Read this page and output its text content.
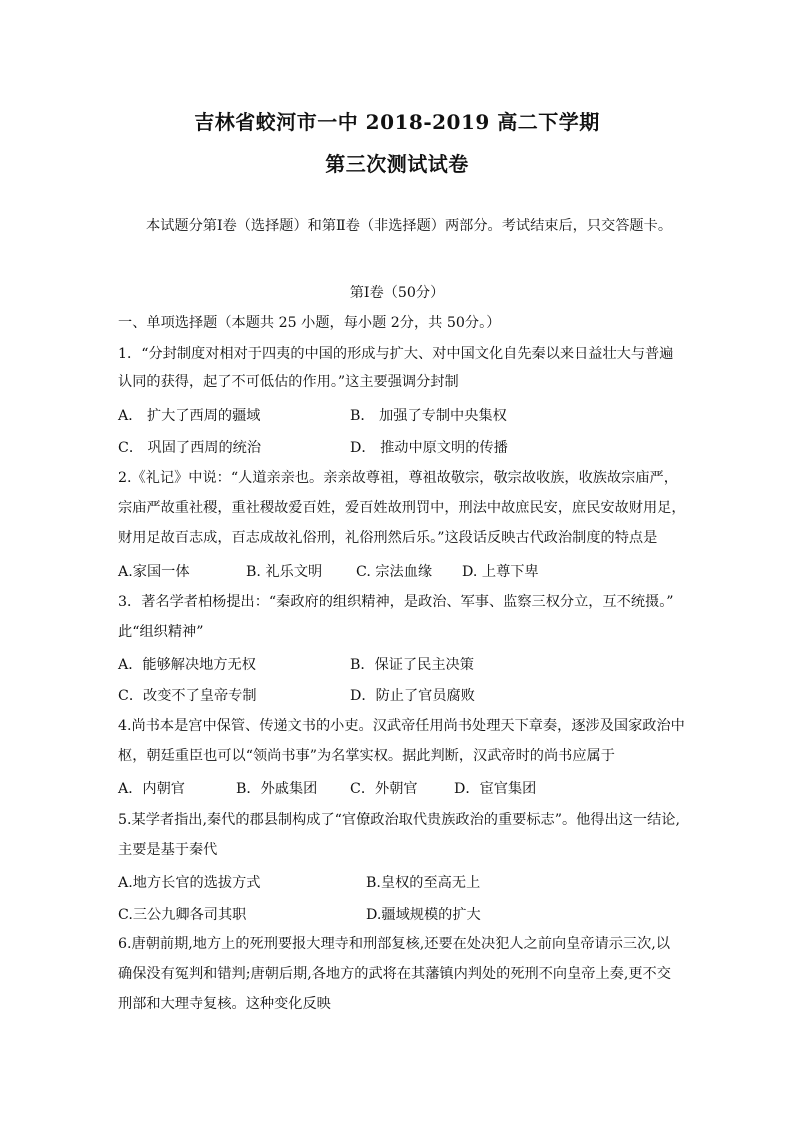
吉林省蛟河市一中 2018-2019 高二下学期
第三次测试试卷
本试题分第Ⅰ卷（选择题）和第Ⅱ卷（非选择题）两部分。考试结束后，只交答题卡。
第Ⅰ卷（50分）
一、单项选择题（本题共 25 小题，每小题 2分，共 50分。）
1．“分封制度对相对于四夷的中国的形成与扩大、对中国文化自先秦以来日益壮大与普遍
认同的获得，起了不可低估的作用。”这主要强调分封制
A． 扩大了西周的疆域	B． 加强了专制中央集权
C． 巩固了西周的统治	D． 推动中原文明的传播
2.《礼记》中说：“人道亲亲也。亲亲故尊祖，尊祖故敬宗，敬宗故收族，收族故宗庙严，
宗庙严故重社稷，重社稷故爱百姓，爱百姓故刑罚中，刑法中故庶民安，庶民安故财用足，
财用足故百志成，百志成故礼俗刑，礼俗刑然后乐。”这段话反映古代政治制度的特点是
A.家国一体	B. 礼乐文明 C. 宗法血缘 D. 上尊下卑
3．著名学者柏杨提出：“秦政府的组织精神，是政治、军事、监察三权分立，互不统摄。”
此“组织精神”
A．能够解决地方无权	B．保证了民主决策
C．改变不了皇帝专制	D．防止了官员腐败
4.尚书本是宫中保管、传递文书的小吏。汉武帝任用尚书处理天下章奏，逐涉及国家政治中
枢，朝廷重臣也可以“领尚书事”为名掌实权。据此判断，汉武帝时的尚书应属于
A．内朝官	B．外戚集团 C．外朝官	D．宦官集团
5.某学者指出,秦代的郡县制构成了“官僚政治取代贵族政治的重要标志”。他得出这一结论,
主要是基于秦代
A.地方长官的选拔方式	B.皇权的至高无上
C.三公九卿各司其职	D.疆域规模的扩大
6.唐朝前期,地方上的死刑要报大理寺和刑部复核,还要在处决犯人之前向皇帝请示三次,以
确保没有冤判和错判;唐朝后期,各地方的武将在其藩镇内判处的死刑不向皇帝上奏,更不交
刑部和大理寺复核。这种变化反映
